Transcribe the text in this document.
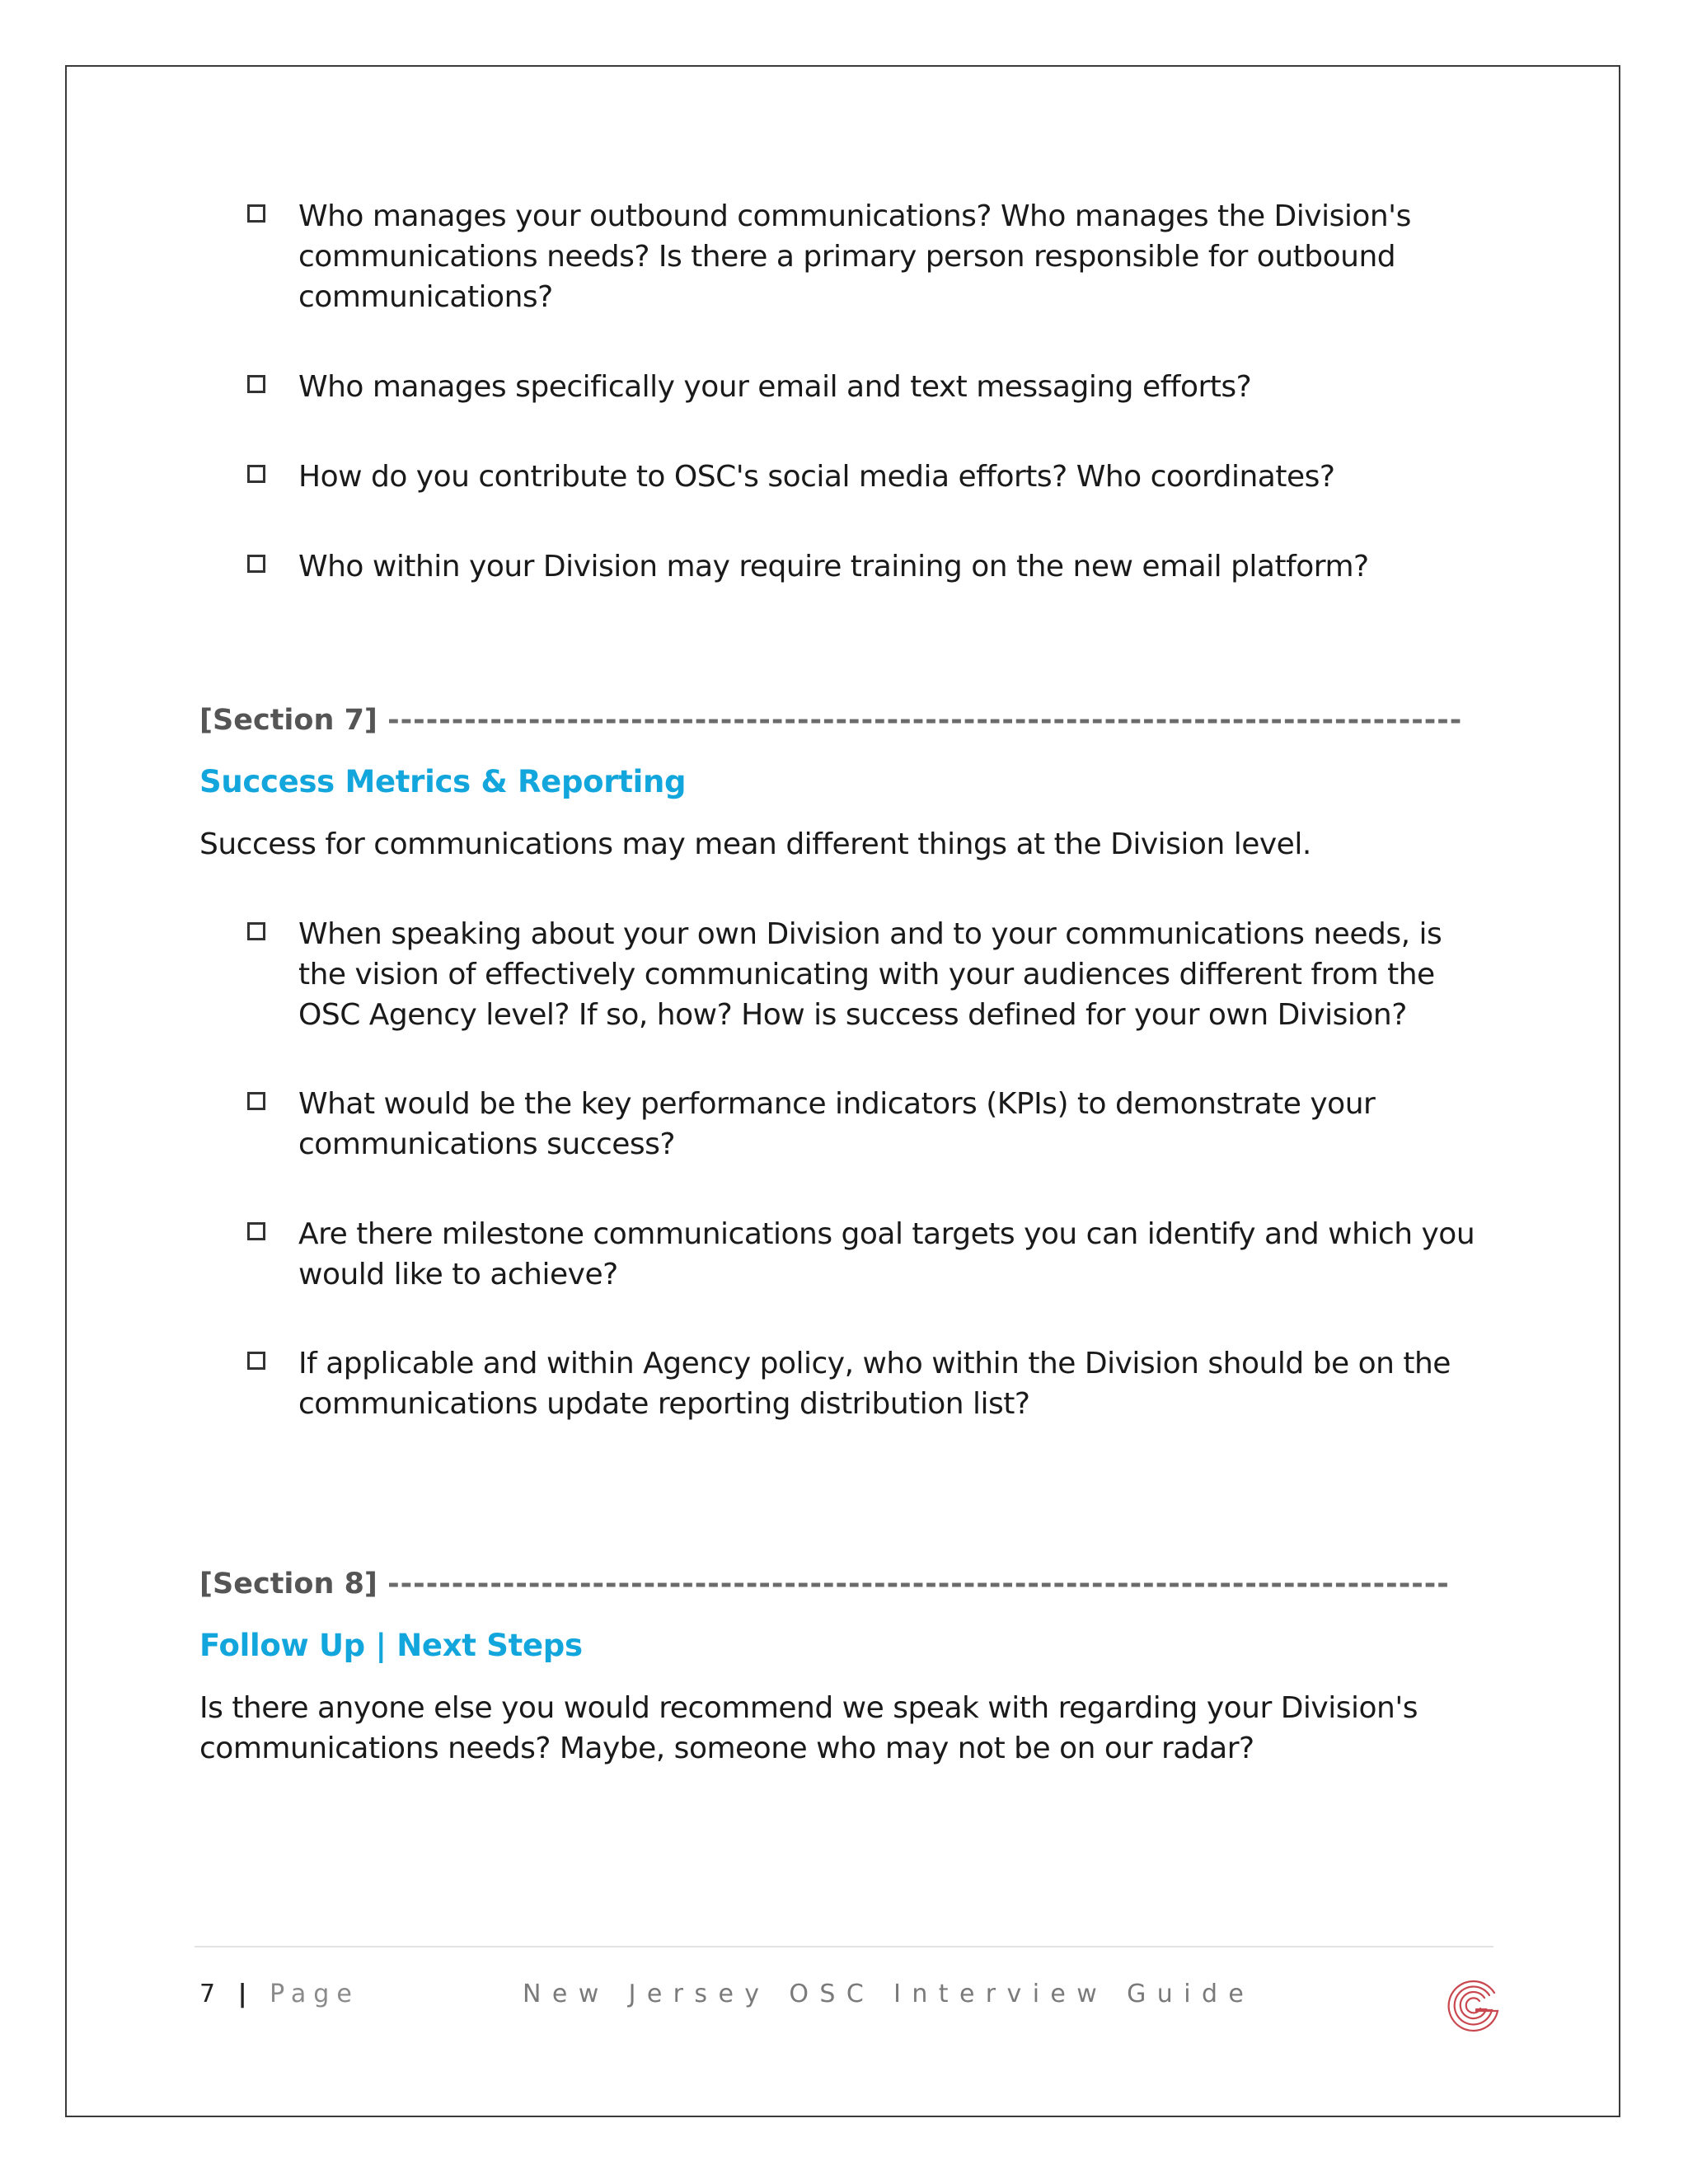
Who manages your outbound communications? Who manages the Division's communications needs? Is there a primary person responsible for outbound communications?
Who manages specifically your email and text messaging efforts?
How do you contribute to OSC's social media efforts? Who coordinates?
Who within your Division may require training on the new email platform?
[Section 7] ------------------------------------------------------------------------------------
Success Metrics & Reporting
Success for communications may mean different things at the Division level.
When speaking about your own Division and to your communications needs, is the vision of effectively communicating with your audiences different from the OSC Agency level? If so, how? How is success defined for your own Division?
What would be the key performance indicators (KPIs) to demonstrate your communications success?
Are there milestone communications goal targets you can identify and which you would like to achieve?
If applicable and within Agency policy, who within the Division should be on the communications update reporting distribution list?
[Section 8] -----------------------------------------------------------------------------------
Follow Up | Next Steps
Is there anyone else you would recommend we speak with regarding your Division's communications needs? Maybe, someone who may not be on our radar?
7 | Page	New Jersey OSC Interview Guide
